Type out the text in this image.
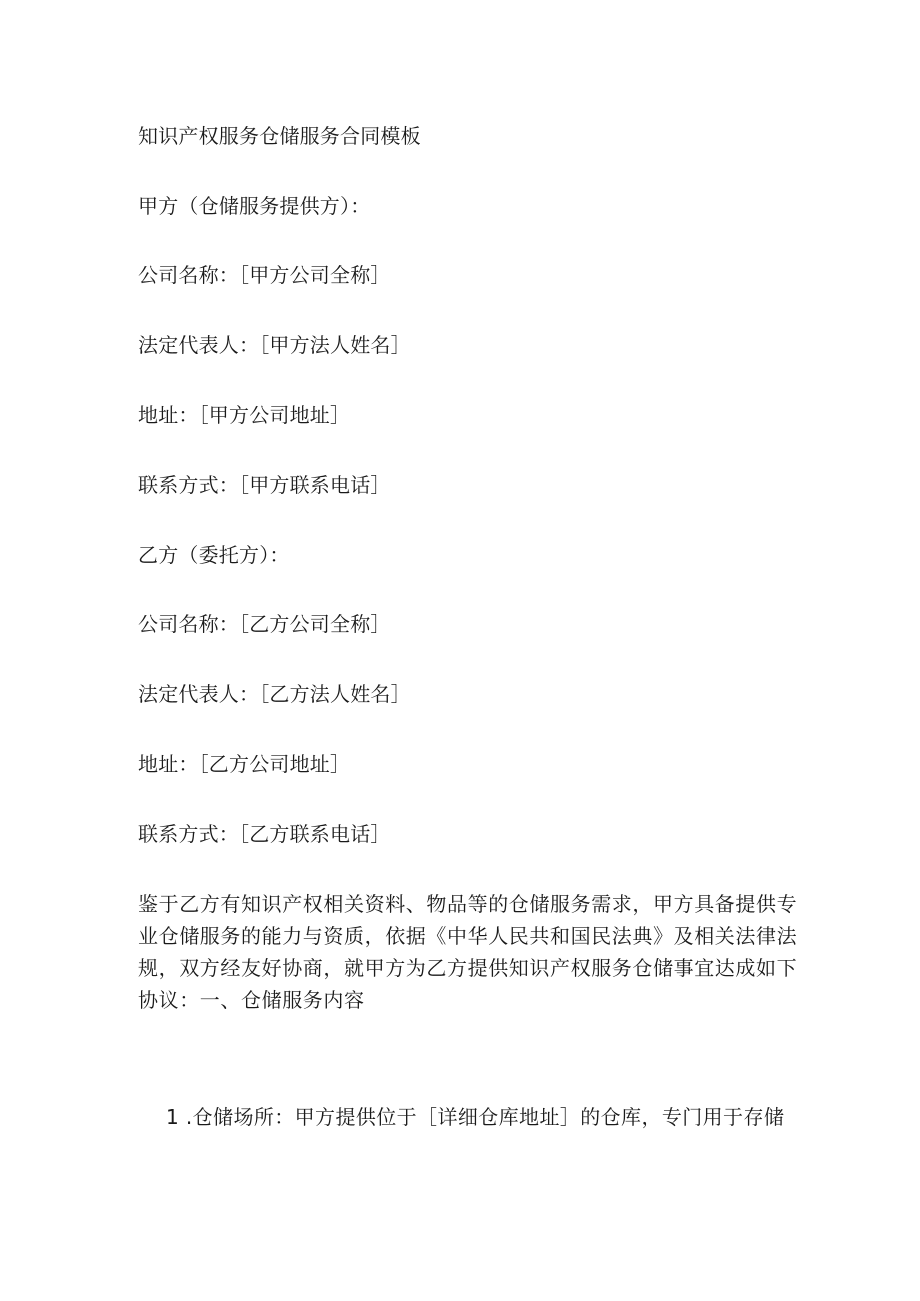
知识产权服务仓储服务合同模板
甲方（仓储服务提供方）：
公司名称：［甲方公司全称］
法定代表人：［甲方法人姓名］
地址：［甲方公司地址］
联系方式：［甲方联系电话］
乙方（委托方）：
公司名称：［乙方公司全称］
法定代表人：［乙方法人姓名］
地址：［乙方公司地址］
联系方式：［乙方联系电话］
鉴于乙方有知识产权相关资料、物品等的仓储服务需求，甲方具备提供专
业仓储服务的能力与资质，依据《中华人民共和国民法典》及相关法律法
规，双方经友好协商，就甲方为乙方提供知识产权服务仓储事宜达成如下
协议：一、仓储服务内容
1 .仓储场所：甲方提供位于［详细仓库地址］的仓库，专门用于存储
